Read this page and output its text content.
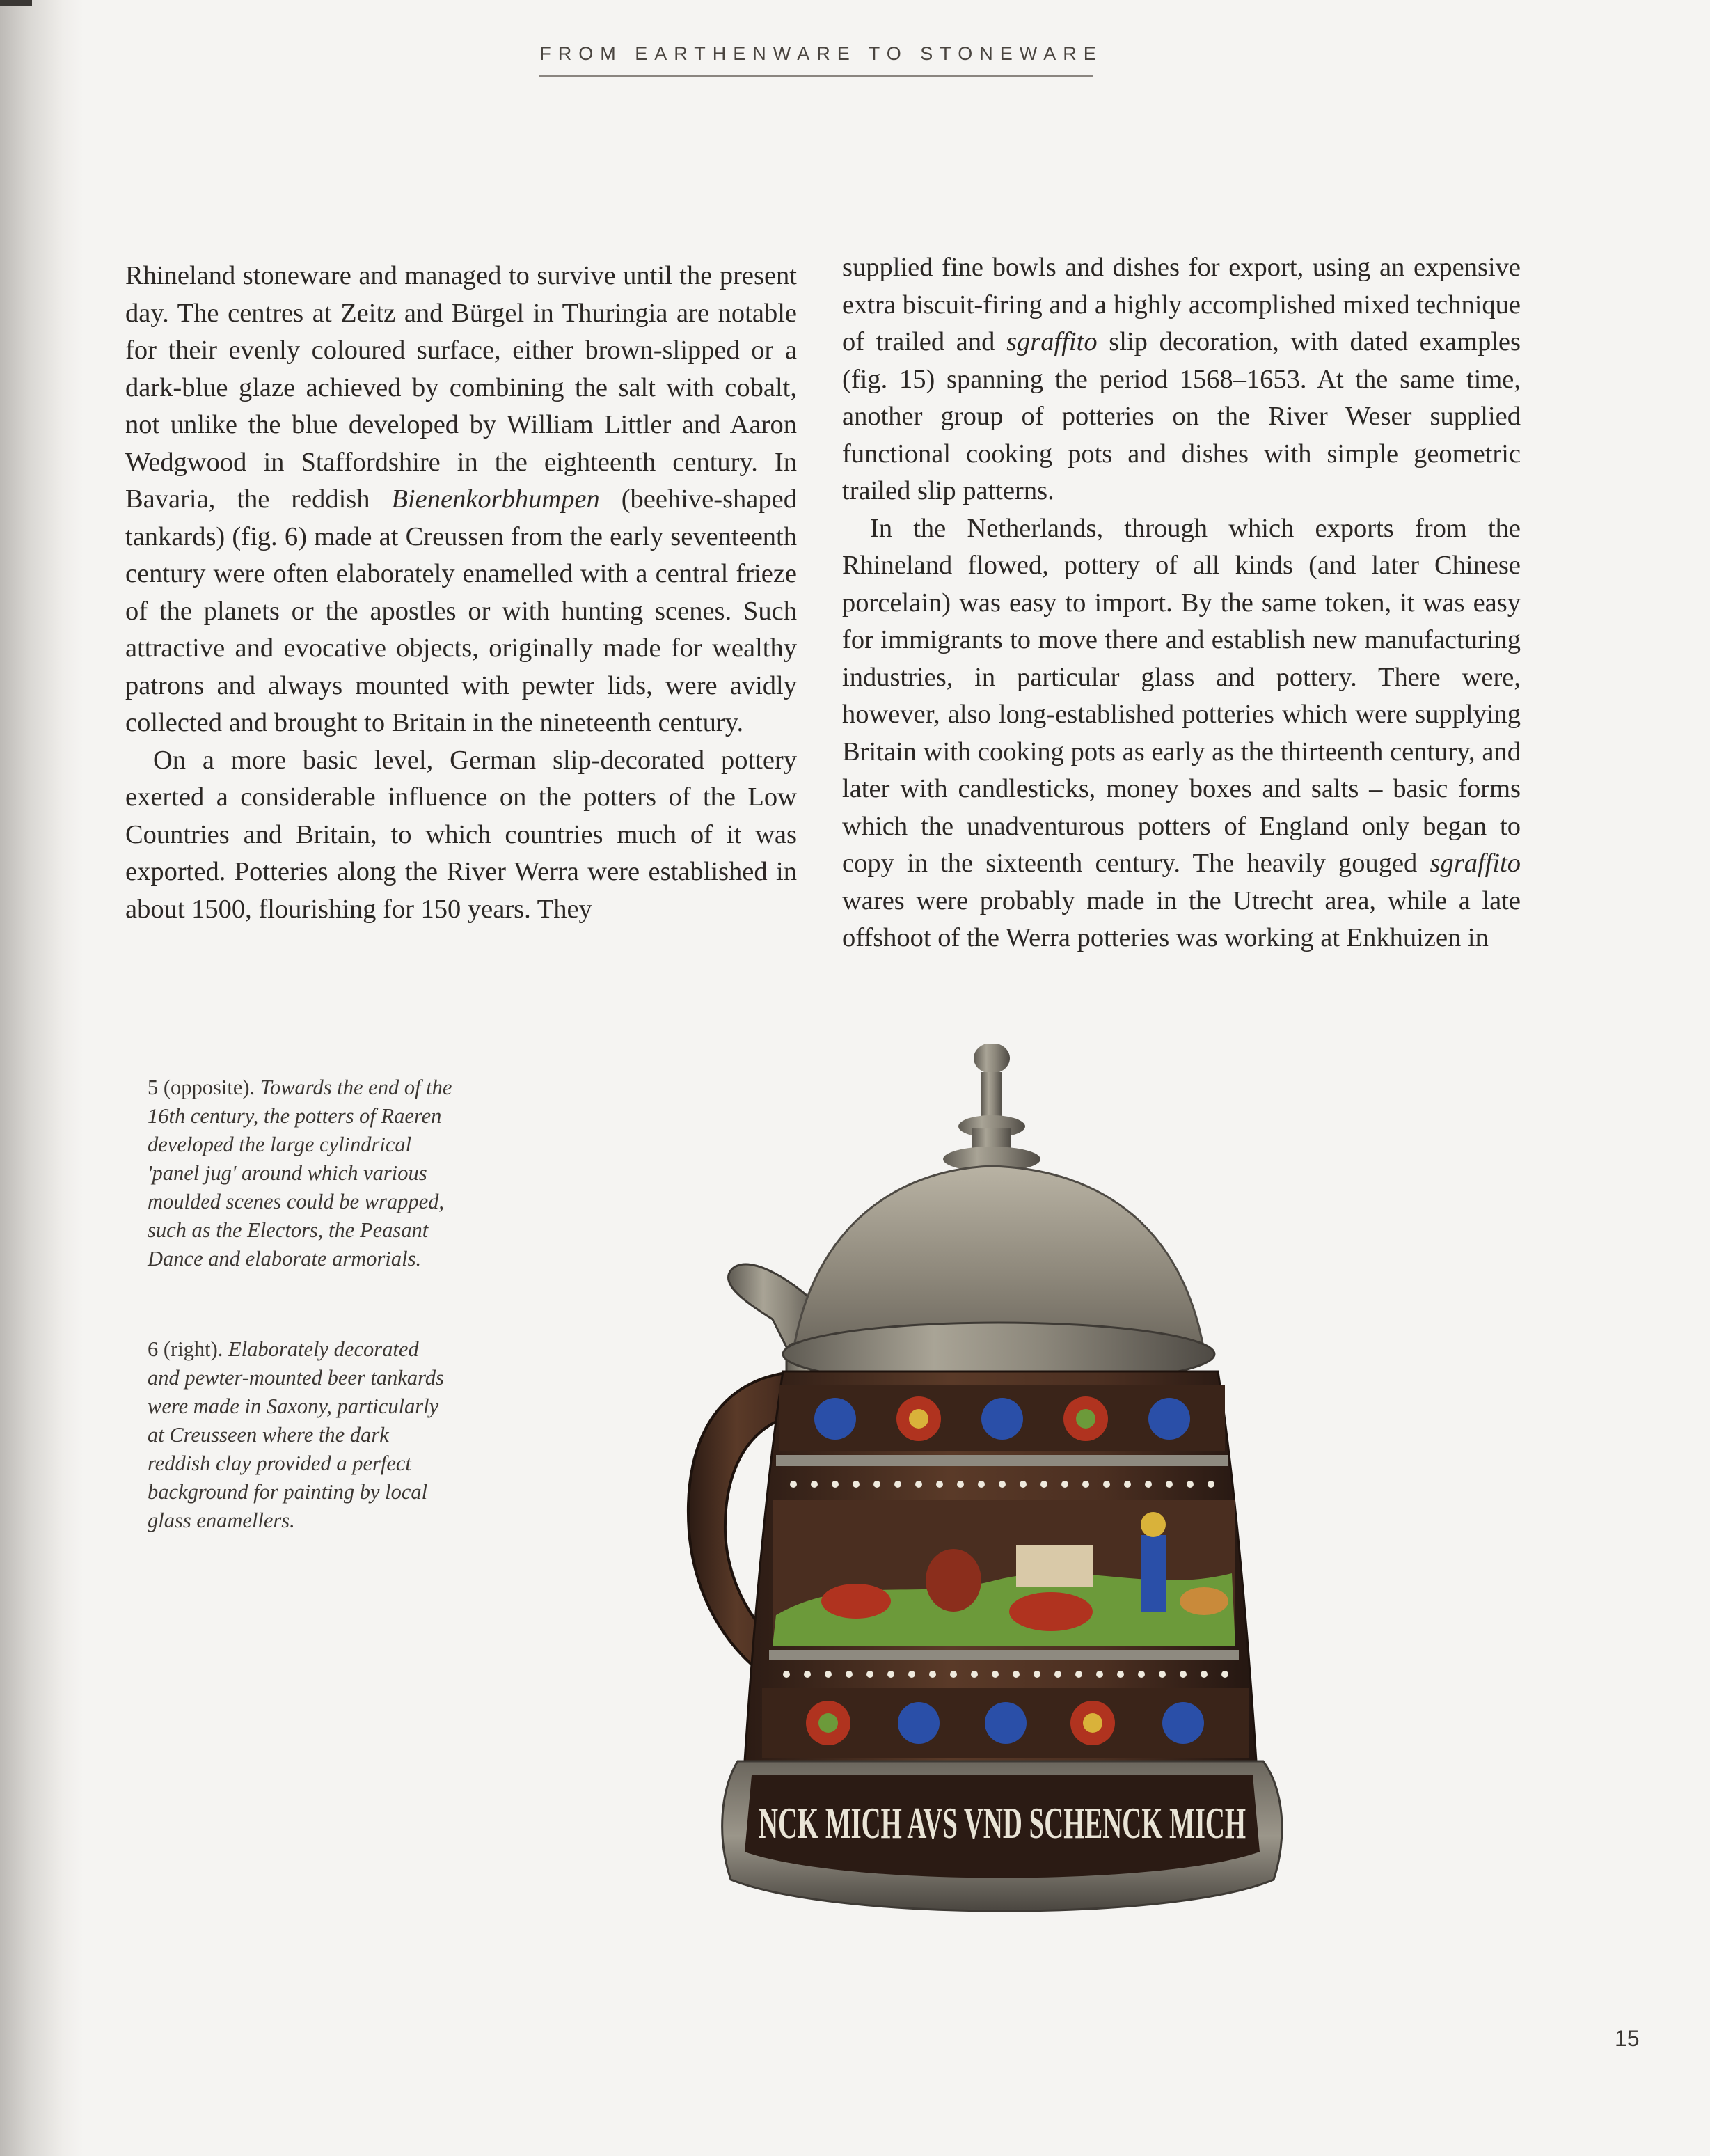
FROM EARTHENWARE TO STONEWARE

Rhineland stoneware and managed to survive until the present day. The centres at Zeitz and Bürgel in Thuringia are notable for their evenly coloured surface, either brown-slipped or a dark-blue glaze achieved by combining the salt with cobalt, not unlike the blue developed by William Littler and Aaron Wedgwood in Staffordshire in the eighteenth century. In Bavaria, the reddish Bienenkorbhumpen (beehive-shaped tankards) (fig. 6) made at Creussen from the early seventeenth century were often elaborately enamelled with a central frieze of the planets or the apostles or with hunting scenes. Such attractive and evocative objects, originally made for wealthy patrons and always mounted with pewter lids, were avidly collected and brought to Britain in the nineteenth century.

On a more basic level, German slip-decorated pottery exerted a considerable influence on the potters of the Low Countries and Britain, to which countries much of it was exported. Potteries along the River Werra were established in about 1500, flourishing for 150 years. They

supplied fine bowls and dishes for export, using an expensive extra biscuit-firing and a highly accomplished mixed technique of trailed and sgraffito slip decoration, with dated examples (fig. 15) spanning the period 1568–1653. At the same time, another group of potteries on the River Weser supplied functional cooking pots and dishes with simple geometric trailed slip patterns.

In the Netherlands, through which exports from the Rhineland flowed, pottery of all kinds (and later Chinese porcelain) was easy to import. By the same token, it was easy for immigrants to move there and establish new manufacturing industries, in particular glass and pottery. There were, however, also long-established potteries which were supplying Britain with cooking pots as early as the thirteenth century, and later with candlesticks, money boxes and salts – basic forms which the unadventurous potters of England only began to copy in the sixteenth century. The heavily gouged sgraffito wares were probably made in the Utrecht area, while a late offshoot of the Werra potteries was working at Enkhuizen in

5 (opposite). Towards the end of the 16th century, the potters of Raeren developed the large cylindrical 'panel jug' around which various moulded scenes could be wrapped, such as the Electors, the Peasant Dance and elaborate armorials.
6 (right). Elaborately decorated and pewter-mounted beer tankards were made in Saxony, particularly at Creusseen where the dark reddish clay provided a perfect background for painting by local glass enamellers.
NCK MICH AVS VND SCHENCK MICH
15
